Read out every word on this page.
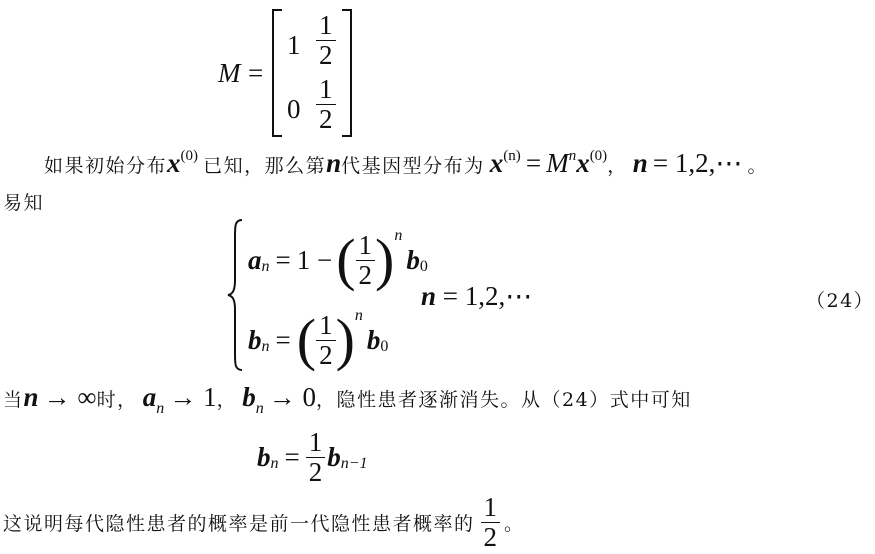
M =
$1 \frac{1}{2}$
$0 \frac{1}{2}$
如果初始分布x(0) 已知，那么第n代基因型分布为 x(n) = Mnx(0)， n = 1,2,⋯ 。
易知
a n = 1 − ( $\frac{1}{2}$ ) n
b 0
n = 1,2,⋯
b n = ( $\frac{1}{2}$ ) n
b 0
（24）
当n → ∞时， an → 1， bn → 0，隐性患者逐渐消失。从（24）式中可知
b $n = \frac{1}{2}$ b n−1
这说明每代隐性患者的概率是前一代隐性患者概率的 $\frac{1}{2}$ 。
